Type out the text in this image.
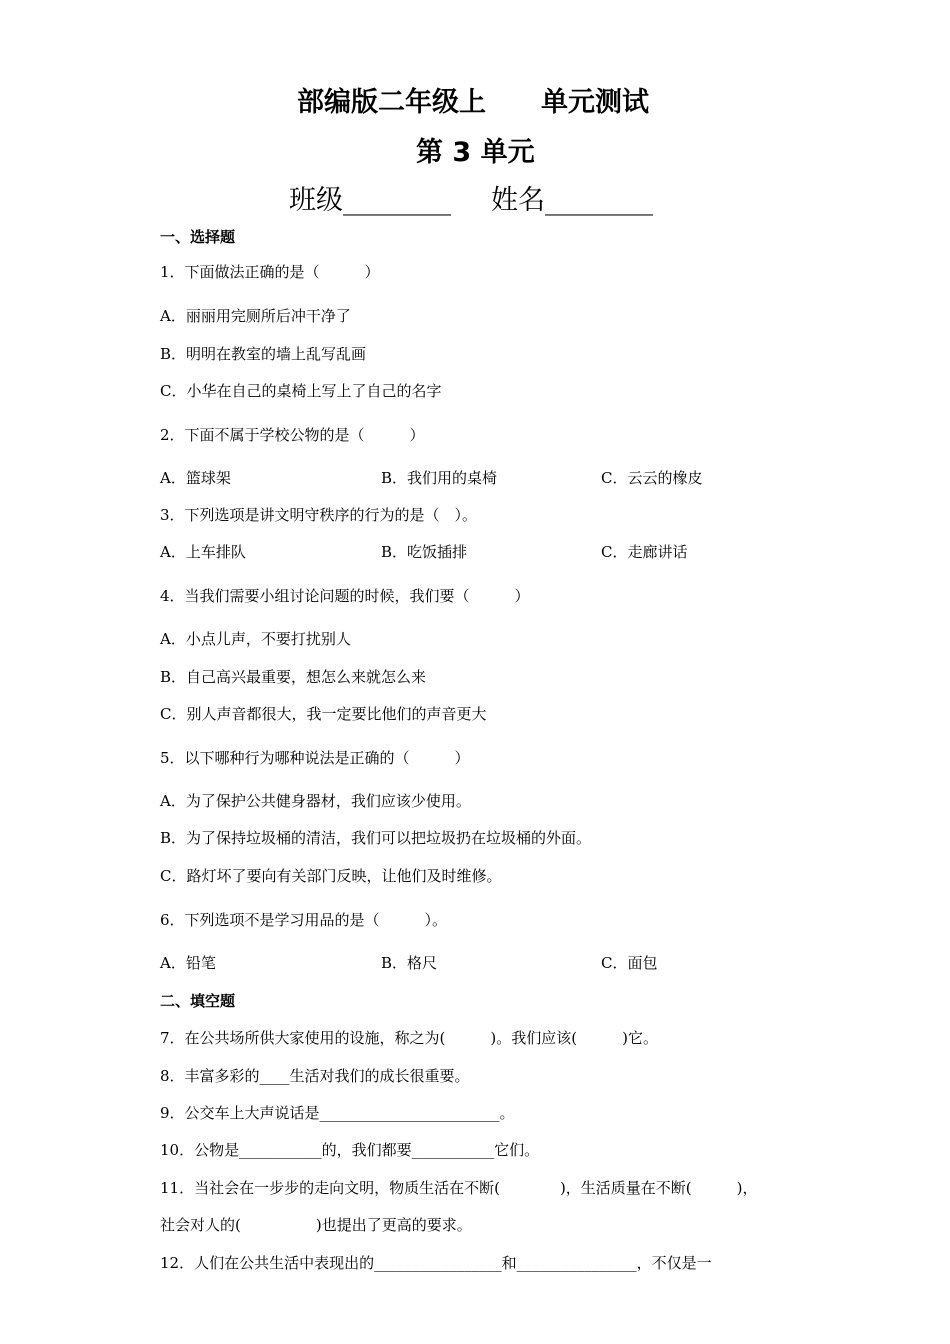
部编版二年级上 单元测试
第 3 单元
班级________ 姓名________
一、选择题
1．下面做法正确的是（　　　）
A．丽丽用完厕所后冲干净了
B．明明在教室的墙上乱写乱画
C．小华在自己的桌椅上写上了自己的名字
2．下面不属于学校公物的是（　　　）
A．篮球架	B．我们用的桌椅	C．云云的橡皮
3．下列选项是讲文明守秩序的行为的是（　）。
A．上车排队	B．吃饭插排	C．走廊讲话
4．当我们需要小组讨论问题的时候，我们要（　　　）
A．小点儿声，不要打扰别人
B．自己高兴最重要，想怎么来就怎么来
C．别人声音都很大，我一定要比他们的声音更大
5．以下哪种行为哪种说法是正确的（　　　）
A．为了保护公共健身器材，我们应该少使用。
B．为了保持垃圾桶的清洁，我们可以把垃圾扔在垃圾桶的外面。
C．路灯坏了要向有关部门反映，让他们及时维修。
6．下列选项不是学习用品的是（　　　）。
A．铅笔	B．格尺	C．面包
二、填空题
7．在公共场所供大家使用的设施，称之为(　　　)。我们应该(　　　)它。
8．丰富多彩的____生活对我们的成长很重要。
9．公交车上大声说话是________________________。
10．公物是___________的，我们都要___________它们。
11．当社会在一步步的走向文明，物质生活在不断(　　　　)，生活质量在不断(　　　)，
社会对人的(　　　　　)也提出了更高的要求。
12．人们在公共生活中表现出的_________________和________________，不仅是一
